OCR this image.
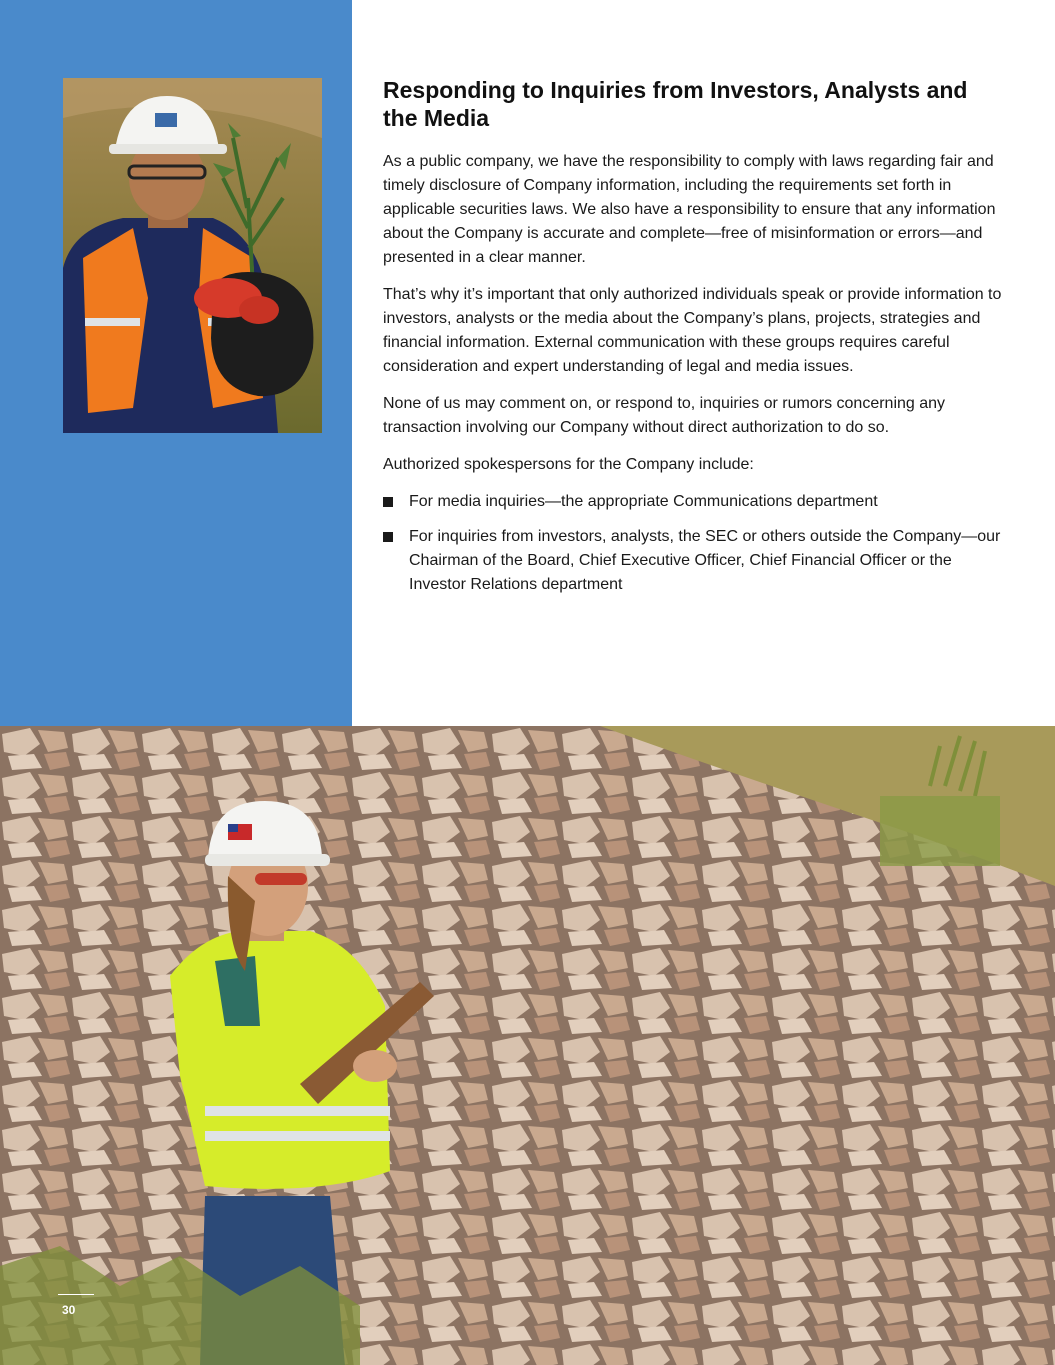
Responding to Inquiries from Investors, Analysts and the Media

As a public company, we have the responsibility to comply with laws regarding fair and timely disclosure of Company information, including the requirements set forth in applicable securities laws. We also have a responsibility to ensure that any information about the Company is accurate and complete—free of misinformation or errors—and presented in a clear manner.

That’s why it’s important that only authorized individuals speak or provide information to investors, analysts or the media about the Company’s plans, projects, strategies and financial information. External communication with these groups requires careful consideration and expert understanding of legal and media issues.

None of us may comment on, or respond to, inquiries or rumors concerning any transaction involving our Company without direct authorization to do so.

Authorized spokespersons for the Company include:

For media inquiries—the appropriate Communications department
For inquiries from investors, analysts, the SEC or others outside the Company—our Chairman of the Board, Chief Executive Officer, Chief Financial Officer or the Investor Relations department
30
